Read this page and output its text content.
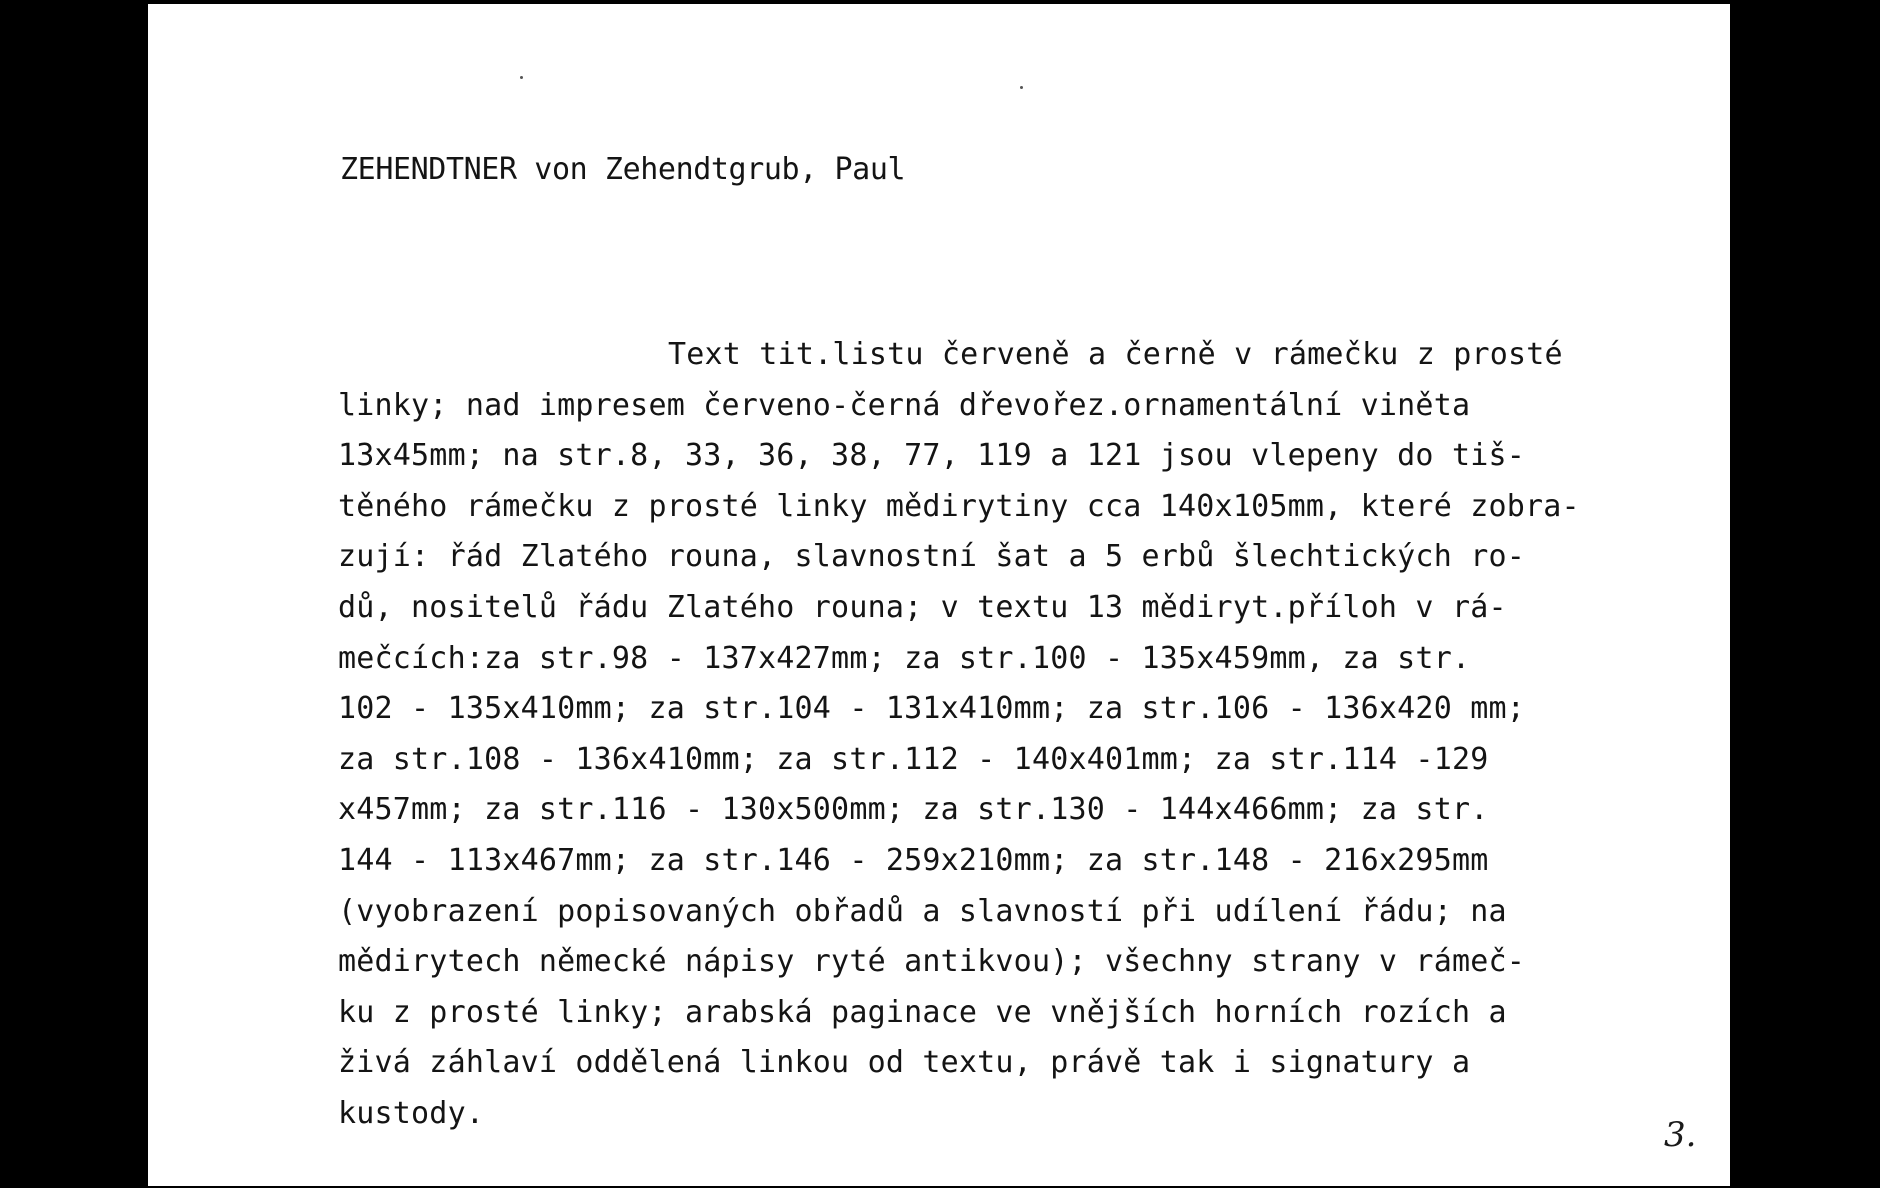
ZEHENDTNER von Zehendtgrub, Paul
Text tit.listu červeně a černě v rámečku z prosté
linky; nad impresem červeno-černá dřevořez.ornamentální viněta
13x45mm; na str.8, 33, 36, 38, 77, 119 a 121 jsou vlepeny do tiš-
těného rámečku z prosté linky mědirytiny cca 140x105mm, které zobra-
zují: řád Zlatého rouna, slavnostní šat a 5 erbů šlechtických ro-
dů, nositelů řádu Zlatého rouna; v textu 13 mědiryt.příloh v rá-
mečcích:za str.98 - 137x427mm; za str.100 - 135x459mm, za str.
102 - 135x410mm; za str.104 - 131x410mm; za str.106 - 136x420 mm;
za str.108 - 136x410mm; za str.112 - 140x401mm; za str.114 -129
x457mm; za str.116 - 130x500mm; za str.130 - 144x466mm; za str.
144 - 113x467mm; za str.146 - 259x210mm; za str.148 - 216x295mm
(vyobrazení popisovaných obřadů a slavností při udílení řádu; na
mědirytech německé nápisy ryté antikvou); všechny strany v rámeč-
ku z prosté linky; arabská paginace ve vnějších horních rozích a
živá záhlaví oddělená linkou od textu, právě tak i signatury a
kustody.
3.
